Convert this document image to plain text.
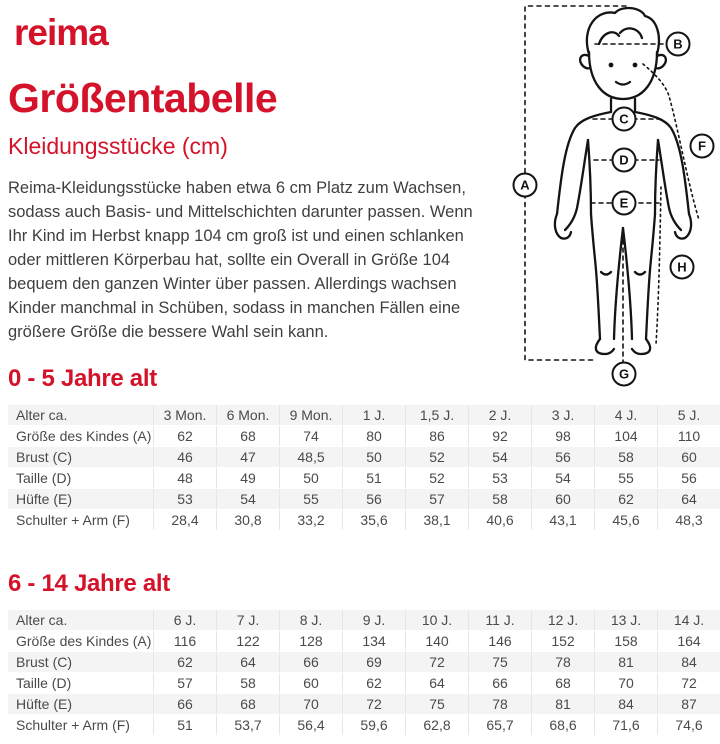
reima
A
B
C
D
E
F
G
H
Größentabelle
Kleidungsstücke (cm)

Reima-Kleidungsstücke haben etwa 6 cm Platz zum Wachsen, sodass auch Basis- und Mittelschichten darunter passen. Wenn Ihr Kind im Herbst knapp 104 cm groß ist und einen schlanken oder mittleren Körperbau hat, sollte ein Overall in Größe 104 bequem den ganzen Winter über passen. Allerdings wachsen Kinder manchmal in Schüben, sodass in manchen Fällen eine größere Größe die bessere Wahl sein kann.

0 - 5 Jahre alt
Alter ca.	3 Mon.	6 Mon.	9 Mon.	1 J.	1,5 J.	2 J.	3 J.	4 J.	5 J.
Größe des Kindes (A)	62	68	74	80	86	92	98	104	110
Brust (C)	46	47	48,5	50	52	54	56	58	60
Taille (D)	48	49	50	51	52	53	54	55	56
Hüfte (E)	53	54	55	56	57	58	60	62	64
Schulter + Arm (F)	28,4	30,8	33,2	35,6	38,1	40,6	43,1	45,6	48,3
6 - 14 Jahre alt
Alter ca.	6 J.	7 J.	8 J.	9 J.	10 J.	11 J.	12 J.	13 J.	14 J.
Größe des Kindes (A)	116	122	128	134	140	146	152	158	164
Brust (C)	62	64	66	69	72	75	78	81	84
Taille (D)	57	58	60	62	64	66	68	70	72
Hüfte (E)	66	68	70	72	75	78	81	84	87
Schulter + Arm (F)	51	53,7	56,4	59,6	62,8	65,7	68,6	71,6	74,6
